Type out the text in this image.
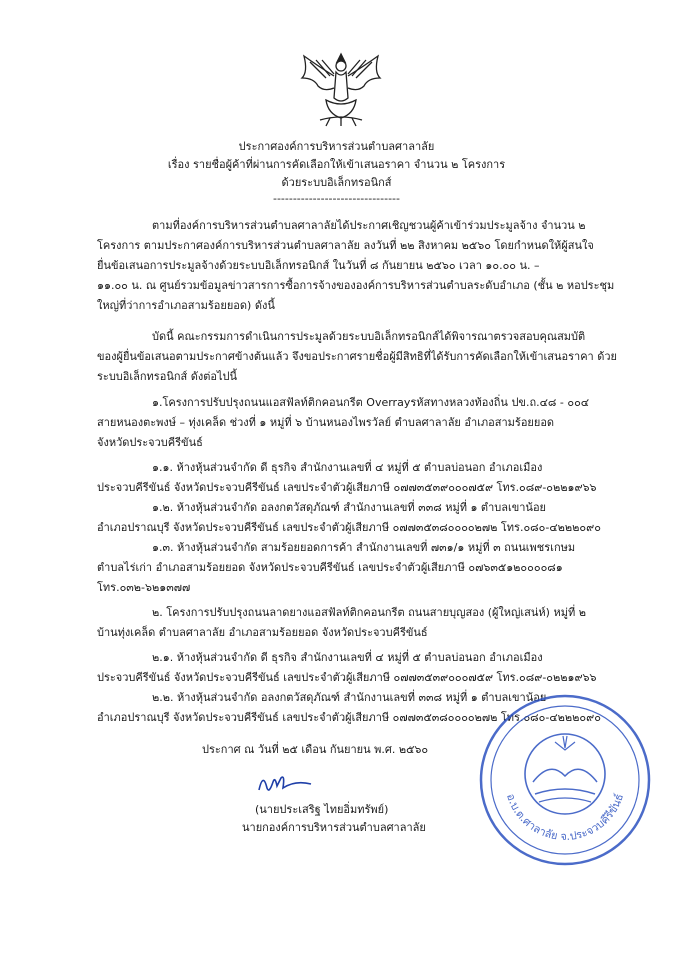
ประกาศองค์การบริหารส่วนตำบลศาลาลัย
เรื่อง รายชื่อผู้ค้าที่ผ่านการคัดเลือกให้เข้าเสนอราคา จำนวน ๒ โครงการ
ด้วยระบบอิเล็กทรอนิกส์
--------------------------------
ตามที่องค์การบริหารส่วนตำบลศาลาลัยได้ประกาศเชิญชวนผู้ค้าเข้าร่วมประมูลจ้าง จำนวน ๒
โครงการ ตามประกาศองค์การบริหารส่วนตำบลศาลาลัย ลงวันที่ ๒๒ สิงหาคม ๒๕๖๐ โดยกำหนดให้ผู้สนใจ
ยื่นข้อเสนอการประมูลจ้างด้วยระบบอิเล็กทรอนิกส์ ในวันที่ ๘ กันยายน ๒๕๖๐ เวลา ๑๐.๐๐ น. –
๑๑.๐๐ น. ณ ศูนย์รวมข้อมูลข่าวสารการซื้อการจ้างขององค์การบริหารส่วนตำบลระดับอำเภอ (ชั้น ๒ หอประชุม
ใหญ่ที่ว่าการอำเภอสามร้อยยอด) ดังนี้
บัดนี้ คณะกรรมการดำเนินการประมูลด้วยระบบอิเล็กทรอนิกส์ได้พิจารณาตรวจสอบคุณสมบัติ
ของผู้ยื่นข้อเสนอตามประกาศข้างต้นแล้ว จึงขอประกาศรายชื่อผู้มีสิทธิที่ได้รับการคัดเลือกให้เข้าเสนอราคา ด้วย
ระบบอิเล็กทรอนิกส์ ดังต่อไปนี้
๑.โครงการปรับปรุงถนนแอสฟัลท์ติกคอนกรีต Overrayรหัสทางหลวงท้องถิ่น ปข.ถ.๔๘ - ๐๐๔
สายหนองตะพงษ์ – ทุ่งเคล็ด ช่วงที่ ๑ หมู่ที่ ๖ บ้านหนองไพรวัลย์ ตำบลศาลาลัย อำเภอสามร้อยยอด
จังหวัดประจวบคีรีขันธ์
๑.๑. ห้างหุ้นส่วนจำกัด ดี ธุรกิจ สำนักงานเลขที่ ๔ หมู่ที่ ๕ ตำบลบ่อนอก อำเภอเมือง
ประจวบคีรีขันธ์ จังหวัดประจวบคีรีขันธ์ เลขประจำตัวผู้เสียภาษี ๐๗๗๓๕๓๙๐๐๐๗๕๙ โทร.๐๘๙-๐๒๒๑๙๖๖
๑.๒. ห้างหุ้นส่วนจำกัด อลงกตวัสดุภัณฑ์ สำนักงานเลขที่ ๓๓๘ หมู่ที่ ๑ ตำบลเขาน้อย
อำเภอปราณบุรี จังหวัดประจวบคีรีขันธ์ เลขประจำตัวผู้เสียภาษี ๐๗๗๓๕๓๘๐๐๐๐๒๗๒ โทร.๐๘๐-๔๒๒๒๐๙๐
๑.๓. ห้างหุ้นส่วนจำกัด สามร้อยยอดการค้า สำนักงานเลขที่ ๗๓๑/๑ หมู่ที่ ๓ ถนนเพชรเกษม
ตำบลไร่เก่า อำเภอสามร้อยยอด จังหวัดประจวบคีรีขันธ์ เลขประจำตัวผู้เสียภาษี ๐๗๖๓๕๑๒๐๐๐๐๘๑
โทร.๐๓๒-๖๒๑๓๗๗
๒. โครงการปรับปรุงถนนลาดยางแอสฟัลท์ติกคอนกรีต ถนนสายบุญสอง (ผู้ใหญ่เสน่ห์) หมู่ที่ ๒
บ้านทุ่งเคล็ด ตำบลศาลาลัย อำเภอสามร้อยยอด จังหวัดประจวบคีรีขันธ์
๒.๑. ห้างหุ้นส่วนจำกัด ดี ธุรกิจ สำนักงานเลขที่ ๔ หมู่ที่ ๕ ตำบลบ่อนอก อำเภอเมือง
ประจวบคีรีขันธ์ จังหวัดประจวบคีรีขันธ์ เลขประจำตัวผู้เสียภาษี ๐๗๗๓๕๓๙๐๐๐๗๕๙ โทร.๐๘๙-๐๒๒๑๙๖๖
๒.๒. ห้างหุ้นส่วนจำกัด อลงกตวัสดุภัณฑ์ สำนักงานเลขที่ ๓๓๘ หมู่ที่ ๑ ตำบลเขาน้อย
อำเภอปราณบุรี จังหวัดประจวบคีรีขันธ์ เลขประจำตัวผู้เสียภาษี ๐๗๗๓๕๓๘๐๐๐๐๒๗๒ โทร.๐๘๐-๔๒๒๒๐๙๐
ประกาศ ณ วันที่ ๒๕ เดือน กันยายน พ.ศ. ๒๕๖๐
(นายประเสริฐ ไทยอิ่มทรัพย์)
นายกองค์การบริหารส่วนตำบลศาลาลัย
อ.บ.ต.ศาลาลัย จ.ประจวบคีรีขันธ์
